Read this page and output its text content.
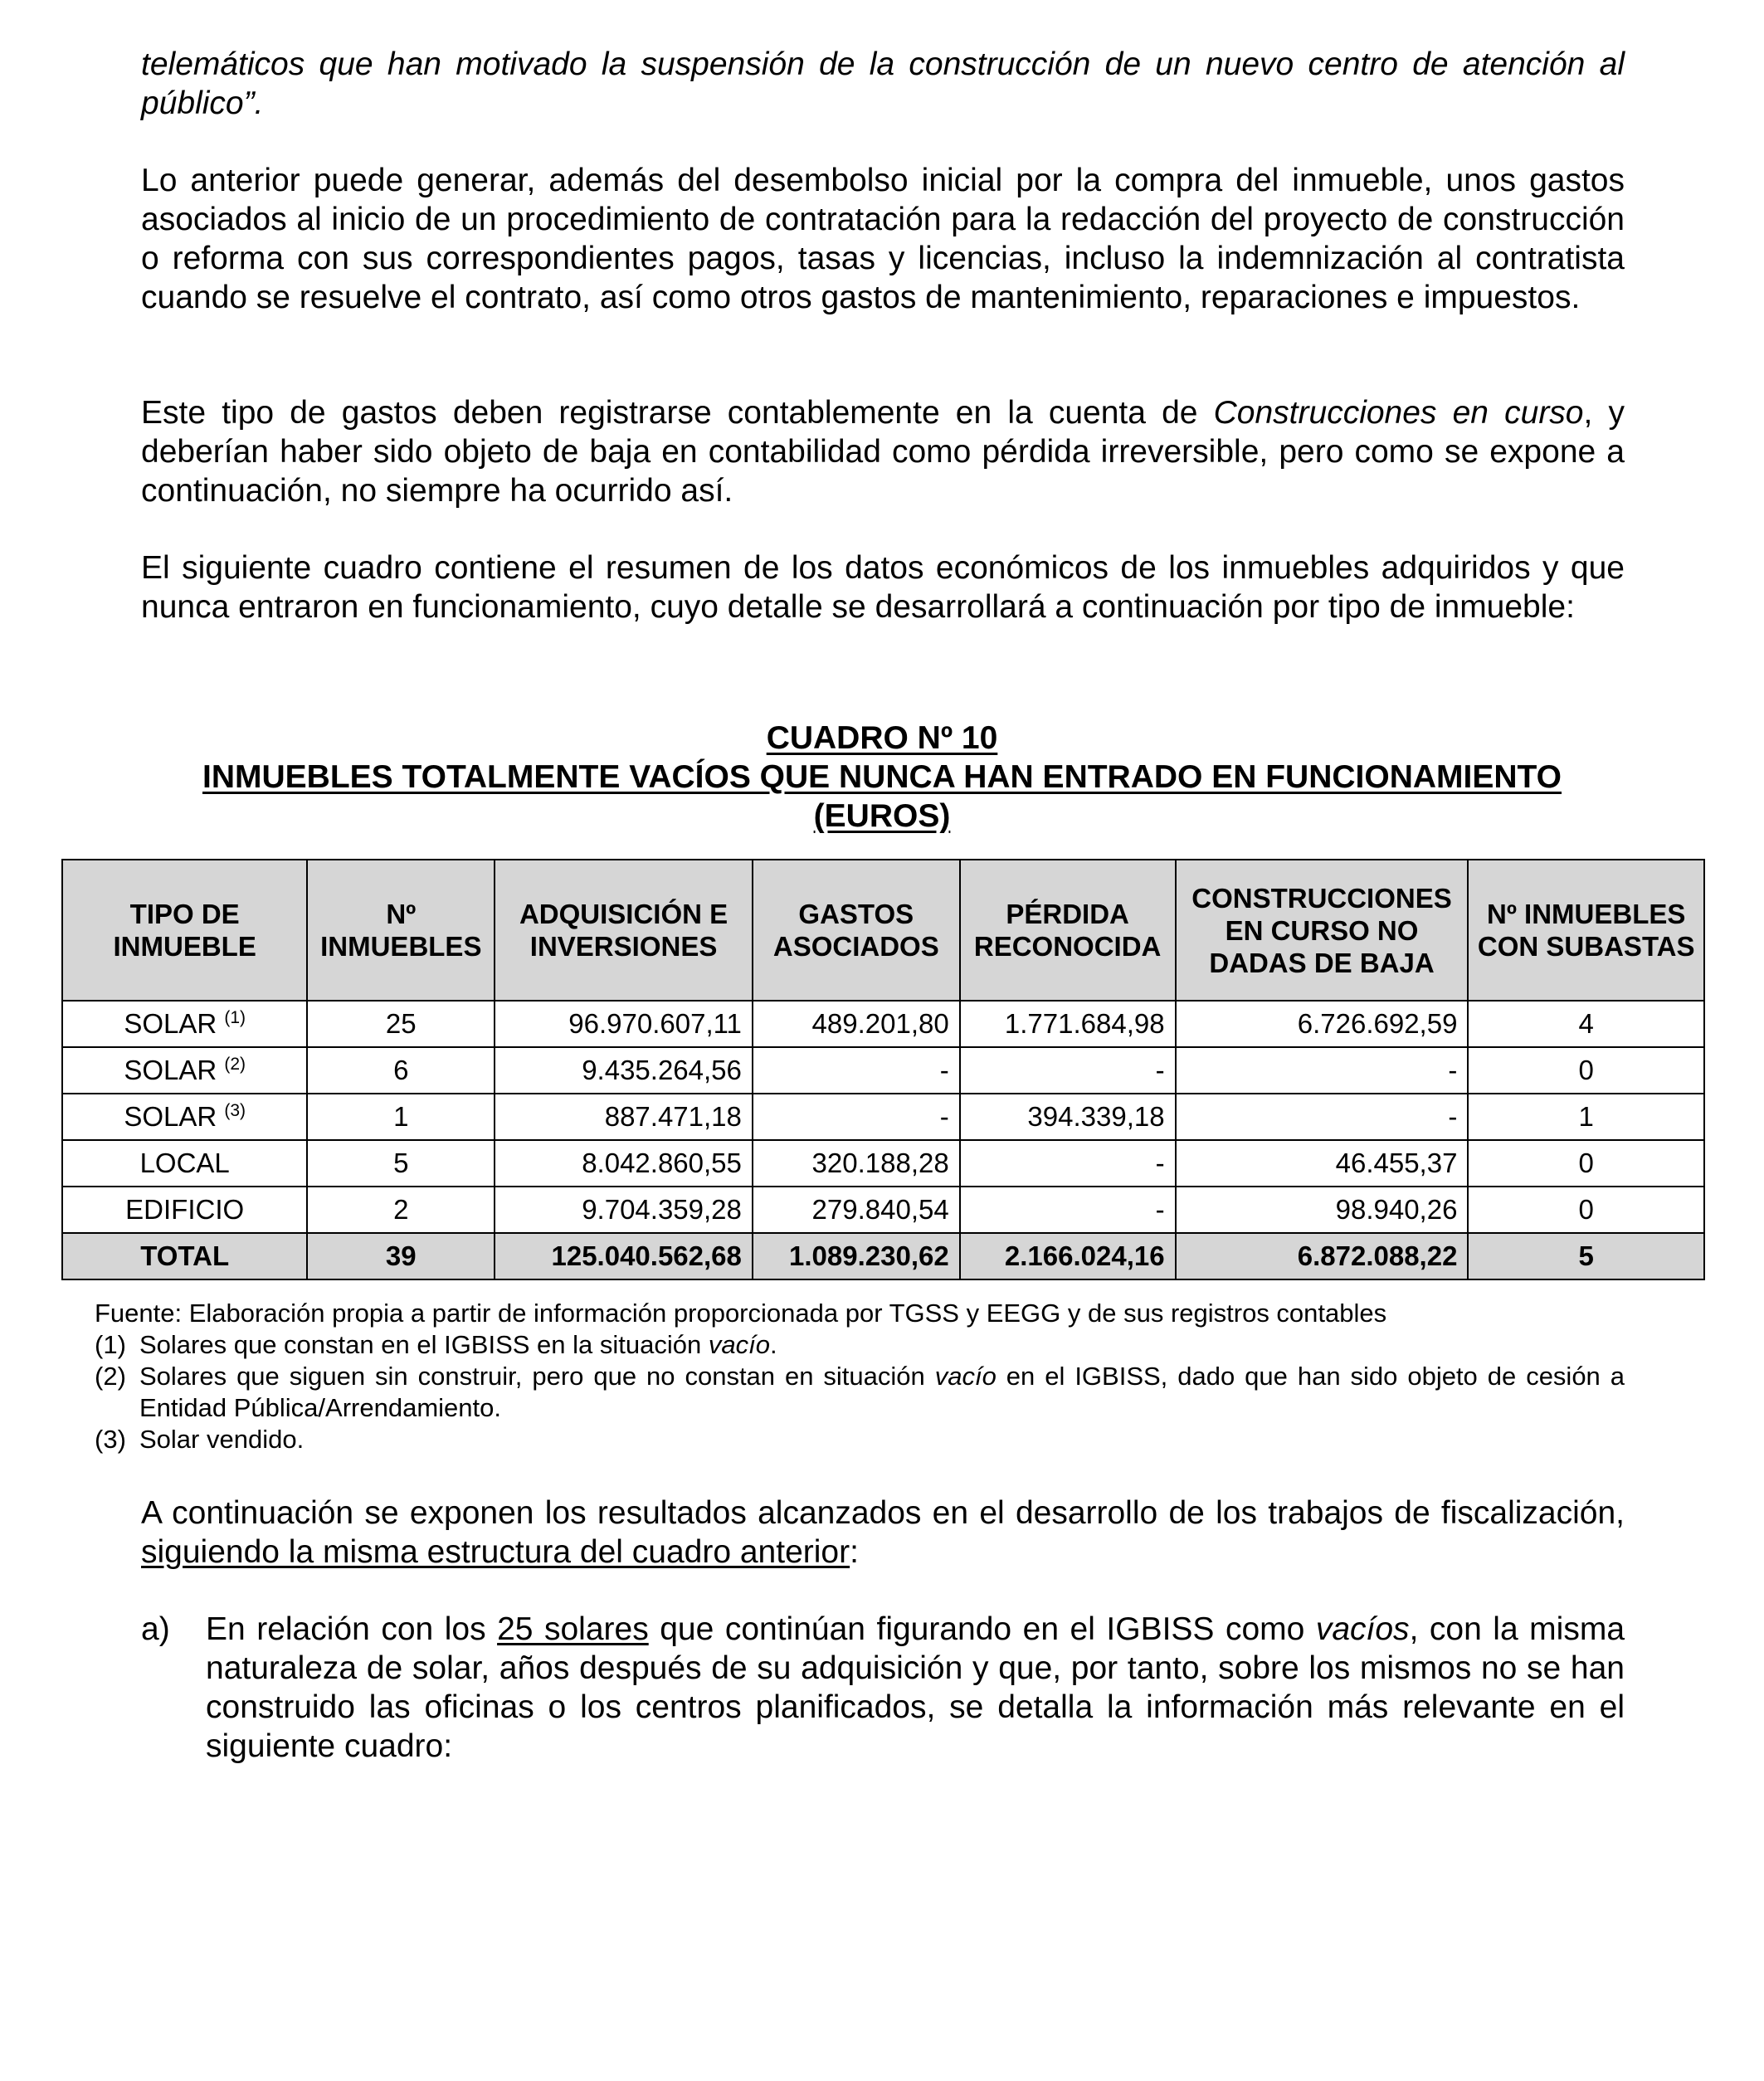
telemáticos que han motivado la suspensión de la construcción de un nuevo centro de atención al público”.

Lo anterior puede generar, además del desembolso inicial por la compra del inmueble, unos gastos asociados al inicio de un procedimiento de contratación para la redacción del proyecto de construcción o reforma con sus correspondientes pagos, tasas y licencias, incluso la indemnización al contratista cuando se resuelve el contrato, así como otros gastos de mantenimiento, reparaciones e impuestos.

Este tipo de gastos deben registrarse contablemente en la cuenta de Construcciones en curso, y deberían haber sido objeto de baja en contabilidad como pérdida irreversible, pero como se expone a continuación, no siempre ha ocurrido así.

El siguiente cuadro contiene el resumen de los datos económicos de los inmuebles adquiridos y que nunca entraron en funcionamiento, cuyo detalle se desarrollará a continuación por tipo de inmueble:

CUADRO Nº 10
INMUEBLES TOTALMENTE VACÍOS QUE NUNCA HAN ENTRADO EN FUNCIONAMIENTO
(EUROS)
TIPO DE INMUEBLE	Nº INMUEBLES	ADQUISICIÓN E INVERSIONES	GASTOS ASOCIADOS	PÉRDIDA RECONOCIDA	CONSTRUCCIONES EN CURSO NO DADAS DE BAJA	Nº INMUEBLES CON SUBASTAS
SOLAR $^{(1)}$	25	96.970.607,11	489.201,80	1.771.684,98	6.726.692,59	4
SOLAR $^{(2)}$	6	9.435.264,56	-	-	-	0
SOLAR $^{(3)}$	1	887.471,18	-	394.339,18	-	1
LOCAL	5	8.042.860,55	320.188,28	-	46.455,37	0
EDIFICIO	2	9.704.359,28	279.840,54	-	98.940,26	0
TOTAL	39	125.040.562,68	1.089.230,62	2.166.024,16	6.872.088,22	5
Fuente: Elaboración propia a partir de información proporcionada por TGSS y EEGG y de sus registros contables
(1) Solares que constan en el IGBISS en la situación vacío.
(2) Solares que siguen sin construir, pero que no constan en situación vacío en el IGBISS, dado que han sido objeto de cesión a Entidad Pública/Arrendamiento.
(3) Solar vendido.

A continuación se exponen los resultados alcanzados en el desarrollo de los trabajos de fiscalización, siguiendo la misma estructura del cuadro anterior:

a)	En relación con los 25 solares que continúan figurando en el IGBISS como vacíos, con la misma naturaleza de solar, años después de su adquisición y que, por tanto, sobre los mismos no se han construido las oficinas o los centros planificados, se detalla la información más relevante en el siguiente cuadro:
